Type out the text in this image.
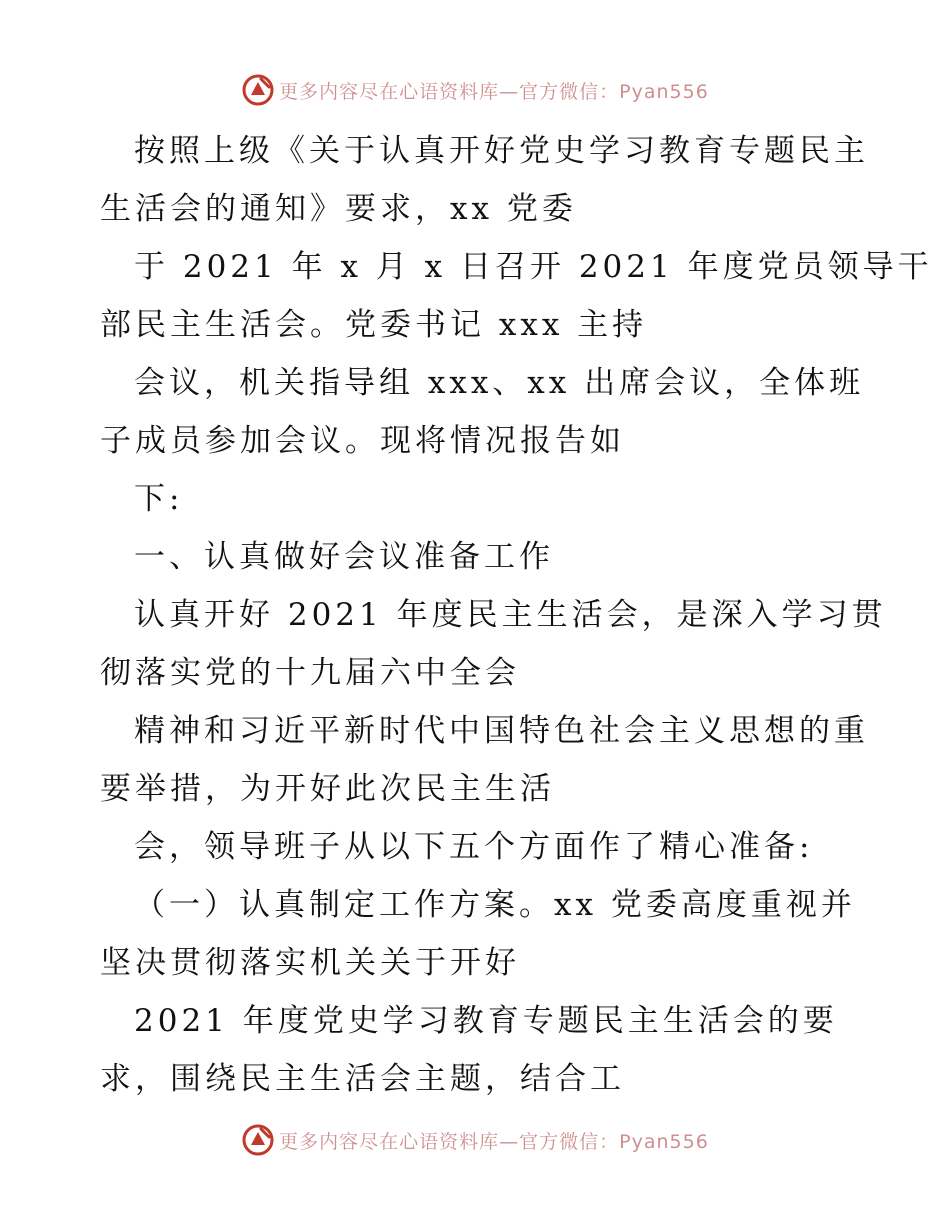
更多内容尽在心语资料库—官方微信：Pyan556
按照上级《关于认真开好党史学习教育专题民主
生活会的通知》要求，xx 党委
于 2021 年 x 月 x 日召开 2021 年度党员领导干
部民主生活会。党委书记 xxx 主持
会议，机关指导组 xxx、xx 出席会议，全体班
子成员参加会议。现将情况报告如
下:
一、认真做好会议准备工作
认真开好 2021 年度民主生活会，是深入学习贯
彻落实党的十九届六中全会
精神和习近平新时代中国特色社会主义思想的重
要举措，为开好此次民主生活
会，领导班子从以下五个方面作了精心准备:
（一）认真制定工作方案。xx 党委高度重视并
坚决贯彻落实机关关于开好
2021 年度党史学习教育专题民主生活会的要
求，围绕民主生活会主题，结合工
更多内容尽在心语资料库—官方微信：Pyan556
